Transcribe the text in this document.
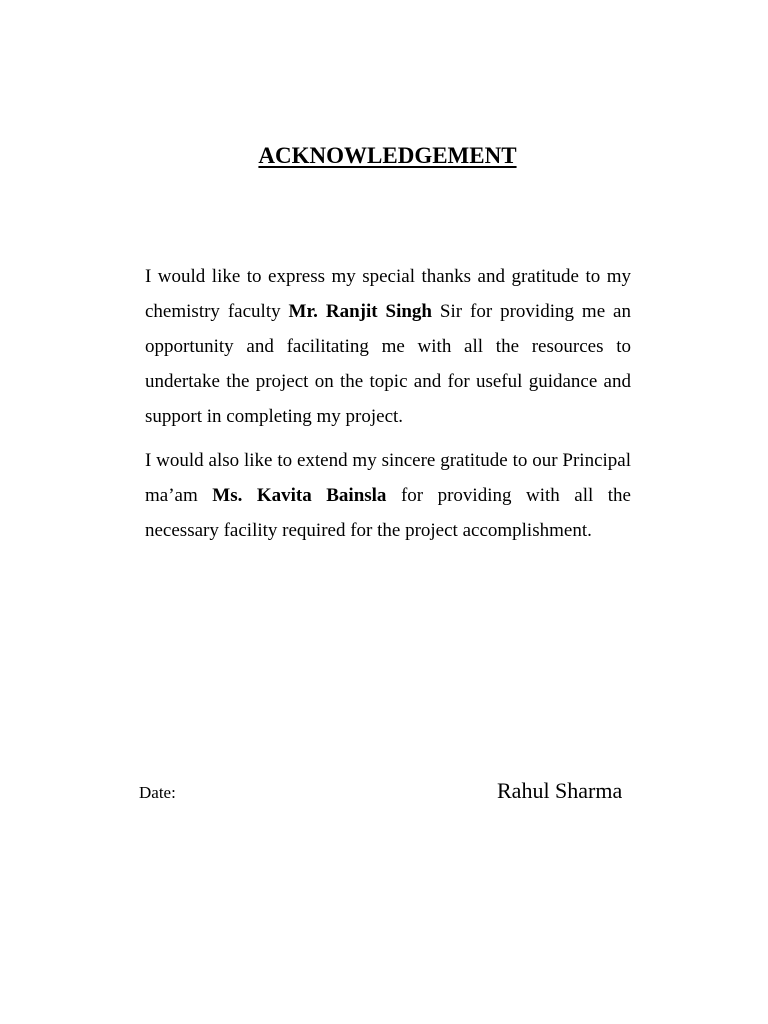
ACKNOWLEDGEMENT

I would like to express my special thanks and gratitude to my chemistry faculty Mr. Ranjit Singh Sir for providing me an opportunity and facilitating me with all the resources to undertake the project on the topic and for useful guidance and support in completing my project.

I would also like to extend my sincere gratitude to our Principal ma’am Ms. Kavita Bainsla for providing with all the necessary facility required for the project accomplishment.

Date:	Rahul Sharma
